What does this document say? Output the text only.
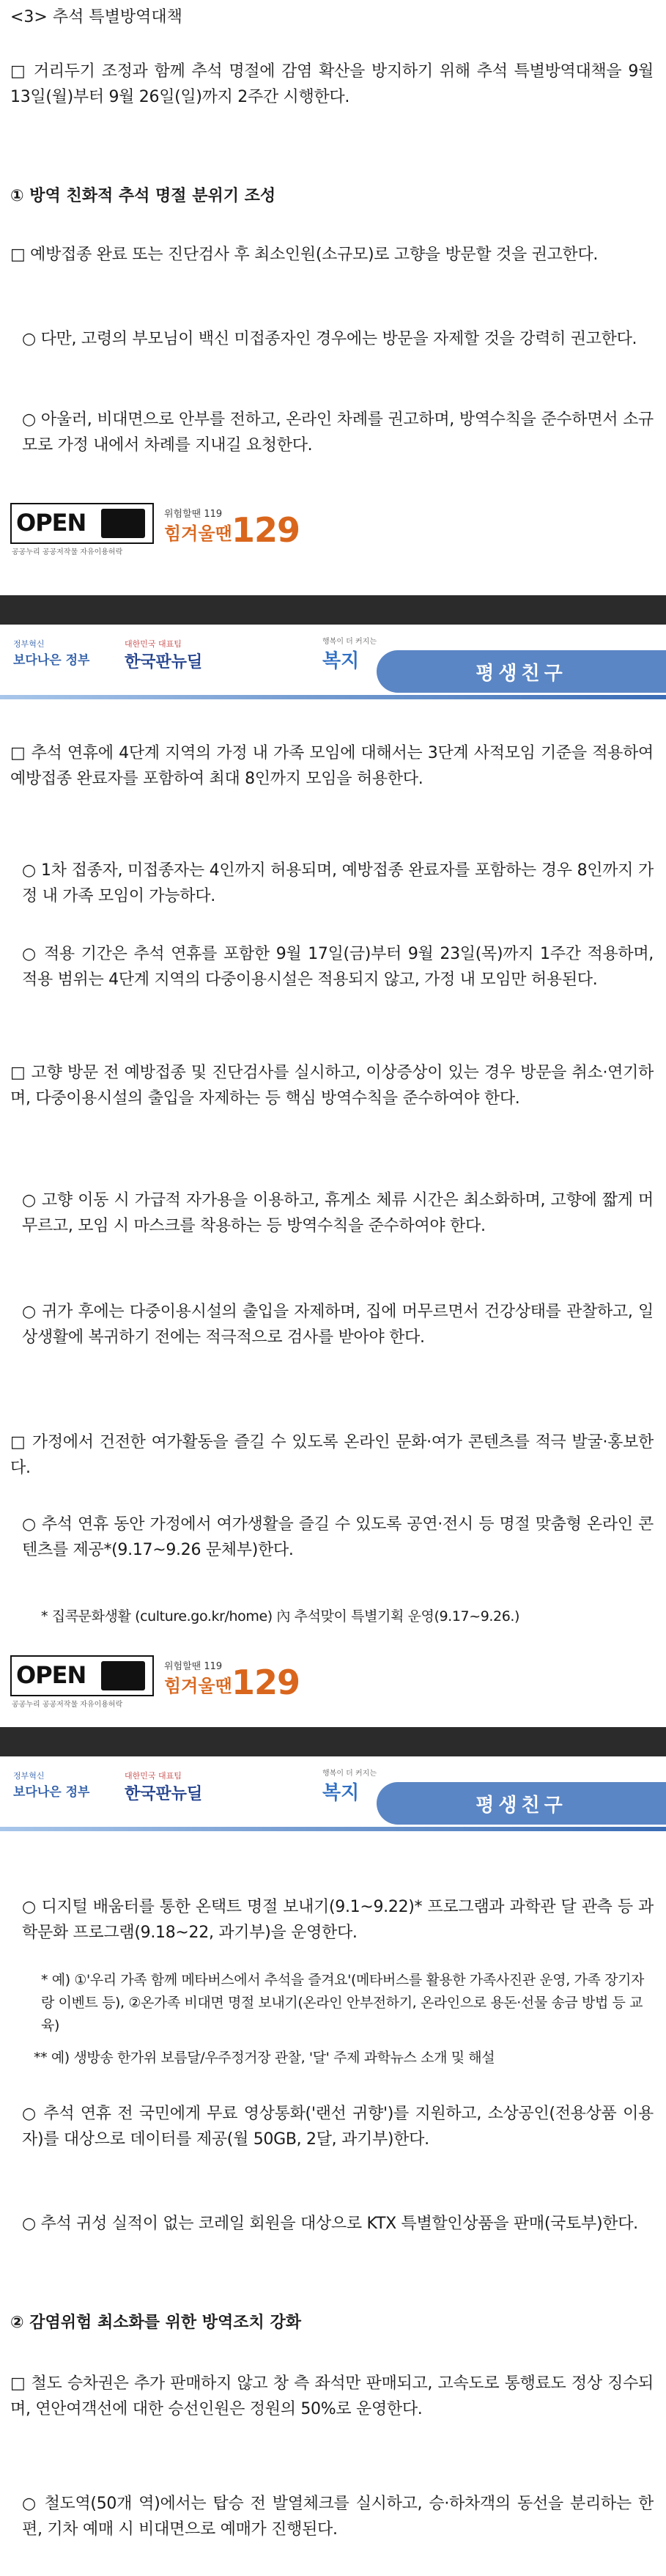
<3> 추석 특별방역대책

□ 거리두기 조정과 함께 추석 명절에 감염 확산을 방지하기 위해 추석 특별방역대책을 9월 13일(월)부터 9월 26일(일)까지 2주간 시행한다.

① 방역 친화적 추석 명절 분위기 조성

□ 예방접종 완료 또는 진단검사 후 최소인원(소규모)로 고향을 방문할 것을 권고한다.

○ 다만, 고령의 부모님이 백신 미접종자인 경우에는 방문을 자제할 것을 강력히 권고한다.

○ 아울러, 비대면으로 안부를 전하고, 온라인 차례를 권고하며, 방역수칙을 준수하면서 소규모로 가정 내에서 차례를 지내길 요청한다.

OPEN
공공누리 공공저작물 자유이용허락
위험할땐 119
힘겨울땐 129
정부혁신
보다나은 정부
대한민국 대표팀
한국판뉴딜
행복이 더 커지는
복지
평생친구

□ 추석 연휴에 4단계 지역의 가정 내 가족 모임에 대해서는 3단계 사적모임 기준을 적용하여 예방접종 완료자를 포함하여 최대 8인까지 모임을 허용한다.

○ 1차 접종자, 미접종자는 4인까지 허용되며, 예방접종 완료자를 포함하는 경우 8인까지 가정 내 가족 모임이 가능하다.

○ 적용 기간은 추석 연휴를 포함한 9월 17일(금)부터 9월 23일(목)까지 1주간 적용하며, 적용 범위는 4단계 지역의 다중이용시설은 적용되지 않고, 가정 내 모임만 허용된다.

□ 고향 방문 전 예방접종 및 진단검사를 실시하고, 이상증상이 있는 경우 방문을 취소·연기하며, 다중이용시설의 출입을 자제하는 등 핵심 방역수칙을 준수하여야 한다.

○ 고향 이동 시 가급적 자가용을 이용하고, 휴게소 체류 시간은 최소화하며, 고향에 짧게 머무르고, 모임 시 마스크를 착용하는 등 방역수칙을 준수하여야 한다.

○ 귀가 후에는 다중이용시설의 출입을 자제하며, 집에 머무르면서 건강상태를 관찰하고, 일상생활에 복귀하기 전에는 적극적으로 검사를 받아야 한다.

□ 가정에서 건전한 여가활동을 즐길 수 있도록 온라인 문화·여가 콘텐츠를 적극 발굴·홍보한다.

○ 추석 연휴 동안 가정에서 여가생활을 즐길 수 있도록 공연·전시 등 명절 맞춤형 온라인 콘텐츠를 제공*(9.17~9.26 문체부)한다.

* 집콕문화생활 (culture.go.kr/home) 內 추석맞이 특별기획 운영(9.17~9.26.)

OPEN
공공누리 공공저작물 자유이용허락
위험할땐 119
힘겨울땐 129
정부혁신
보다나은 정부
대한민국 대표팀
한국판뉴딜
행복이 더 커지는
복지
평생친구

○ 디지털 배움터를 통한 온택트 명절 보내기(9.1~9.22)* 프로그램과 과학관 달 관측 등 과학문화 프로그램(9.18~22, 과기부)을 운영한다.

* 예) ①'우리 가족 함께 메타버스에서 추석을 즐겨요'(메타버스를 활용한 가족사진관 운영, 가족 장기자랑 이벤트 등), ②온가족 비대면 명절 보내기(온라인 안부전하기, 온라인으로 용돈·선물 송금 방법 등 교육)

** 예) 생방송 한가위 보름달/우주정거장 관찰, '달' 주제 과학뉴스 소개 및 해설

○ 추석 연휴 전 국민에게 무료 영상통화('랜선 귀향')를 지원하고, 소상공인(전용상품 이용자)를 대상으로 데이터를 제공(월 50GB, 2달, 과기부)한다.

○ 추석 귀성 실적이 없는 코레일 회원을 대상으로 KTX 특별할인상품을 판매(국토부)한다.

② 감염위험 최소화를 위한 방역조치 강화

□ 철도 승차권은 추가 판매하지 않고 창 측 좌석만 판매되고, 고속도로 통행료도 정상 징수되며, 연안여객선에 대한 승선인원은 정원의 50%로 운영한다.

○ 철도역(50개 역)에서는 탑승 전 발열체크를 실시하고, 승·하차객의 동선을 분리하는 한편, 기차 예매 시 비대면으로 예매가 진행된다.
